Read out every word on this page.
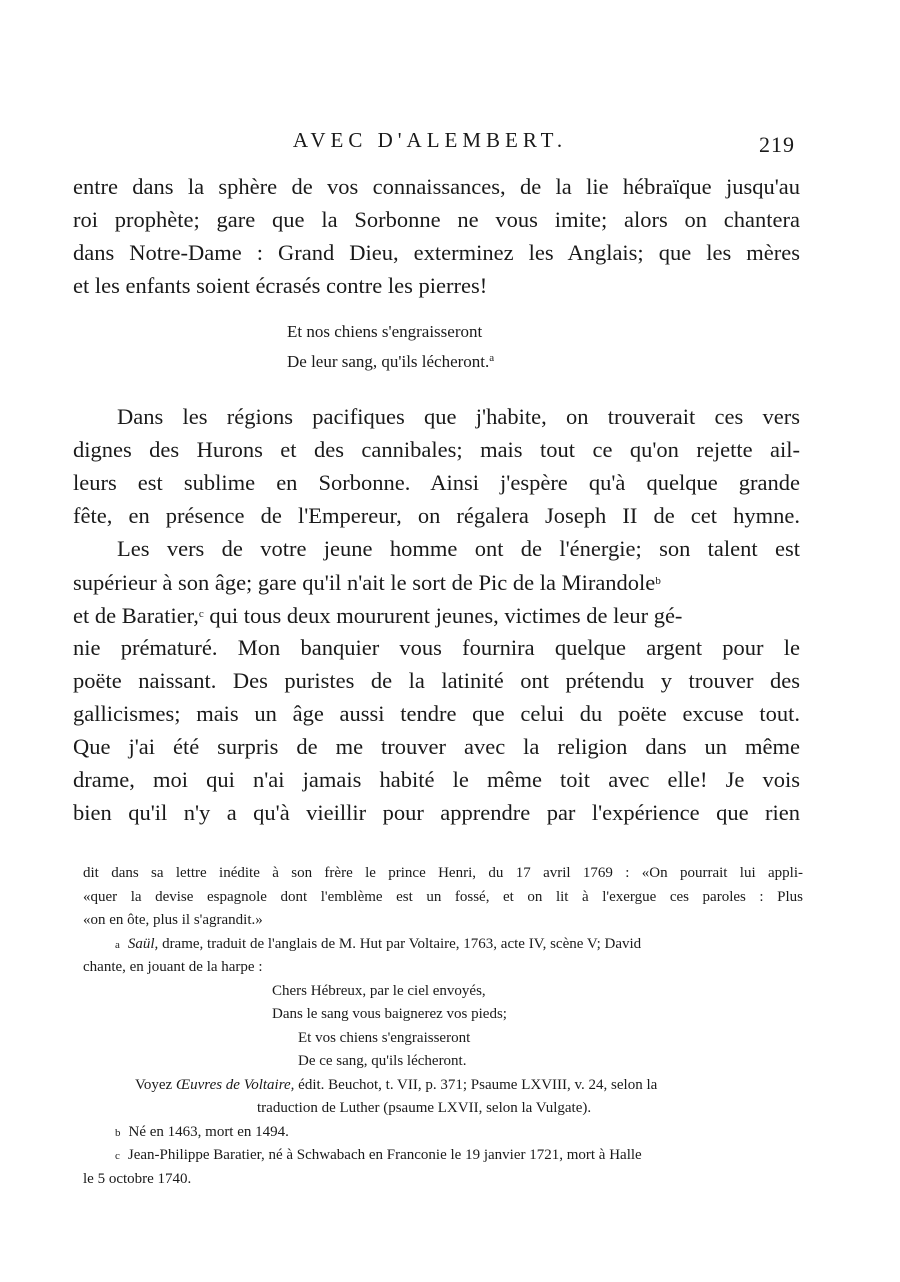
AVEC D'ALEMBERT.	219
entre dans la sphère de vos connaissances, de la lie hébraïque jusqu'au
roi prophète; gare que la Sorbonne ne vous imite; alors on chantera
dans Notre-Dame : Grand Dieu, exterminez les Anglais; que les mères
et les enfants soient écrasés contre les pierres!
Et nos chiens s'engraisseront
De leur sang, qu'ils lécheront.$^a$
Dans les régions pacifiques que j'habite, on trouverait ces vers
dignes des Hurons et des cannibales; mais tout ce qu'on rejette ail-
leurs est sublime en Sorbonne. Ainsi j'espère qu'à quelque grande
fête, en présence de l'Empereur, on régalera Joseph II de cet hymne.
Les vers de votre jeune homme ont de l'énergie; son talent est
supérieur à son âge; gare qu'il n'ait le sort de Pic de la Mirandole$^b$
et de Baratier,$^c$ qui tous deux moururent jeunes, victimes de leur gé-
nie prématuré. Mon banquier vous fournira quelque argent pour le
poëte naissant. Des puristes de la latinité ont prétendu y trouver des
gallicismes; mais un âge aussi tendre que celui du poëte excuse tout.
Que j'ai été surpris de me trouver avec la religion dans un même
drame, moi qui n'ai jamais habité le même toit avec elle! Je vois
bien qu'il n'y a qu'à vieillir pour apprendre par l'expérience que rien
dit dans sa lettre inédite à son frère le prince Henri, du 17 avril 1769 : «On pourrait lui appli-
«quer la devise espagnole dont l'emblème est un fossé, et on lit à l'exergue ces paroles : Plus
«on en ôte, plus il s'agrandit.»
a Saül, drame, traduit de l'anglais de M. Hut par Voltaire, 1763, acte IV, scène V; David
chante, en jouant de la harpe :
Chers Hébreux, par le ciel envoyés,
Dans le sang vous baignerez vos pieds;
Et vos chiens s'engraisseront
De ce sang, qu'ils lécheront.
Voyez Œuvres de Voltaire, édit. Beuchot, t. VII, p. 371; Psaume LXVIII, v. 24, selon la
traduction de Luther (psaume LXVII, selon la Vulgate).
b Né en 1463, mort en 1494.
c Jean-Philippe Baratier, né à Schwabach en Franconie le 19 janvier 1721, mort à Halle
le 5 octobre 1740.
